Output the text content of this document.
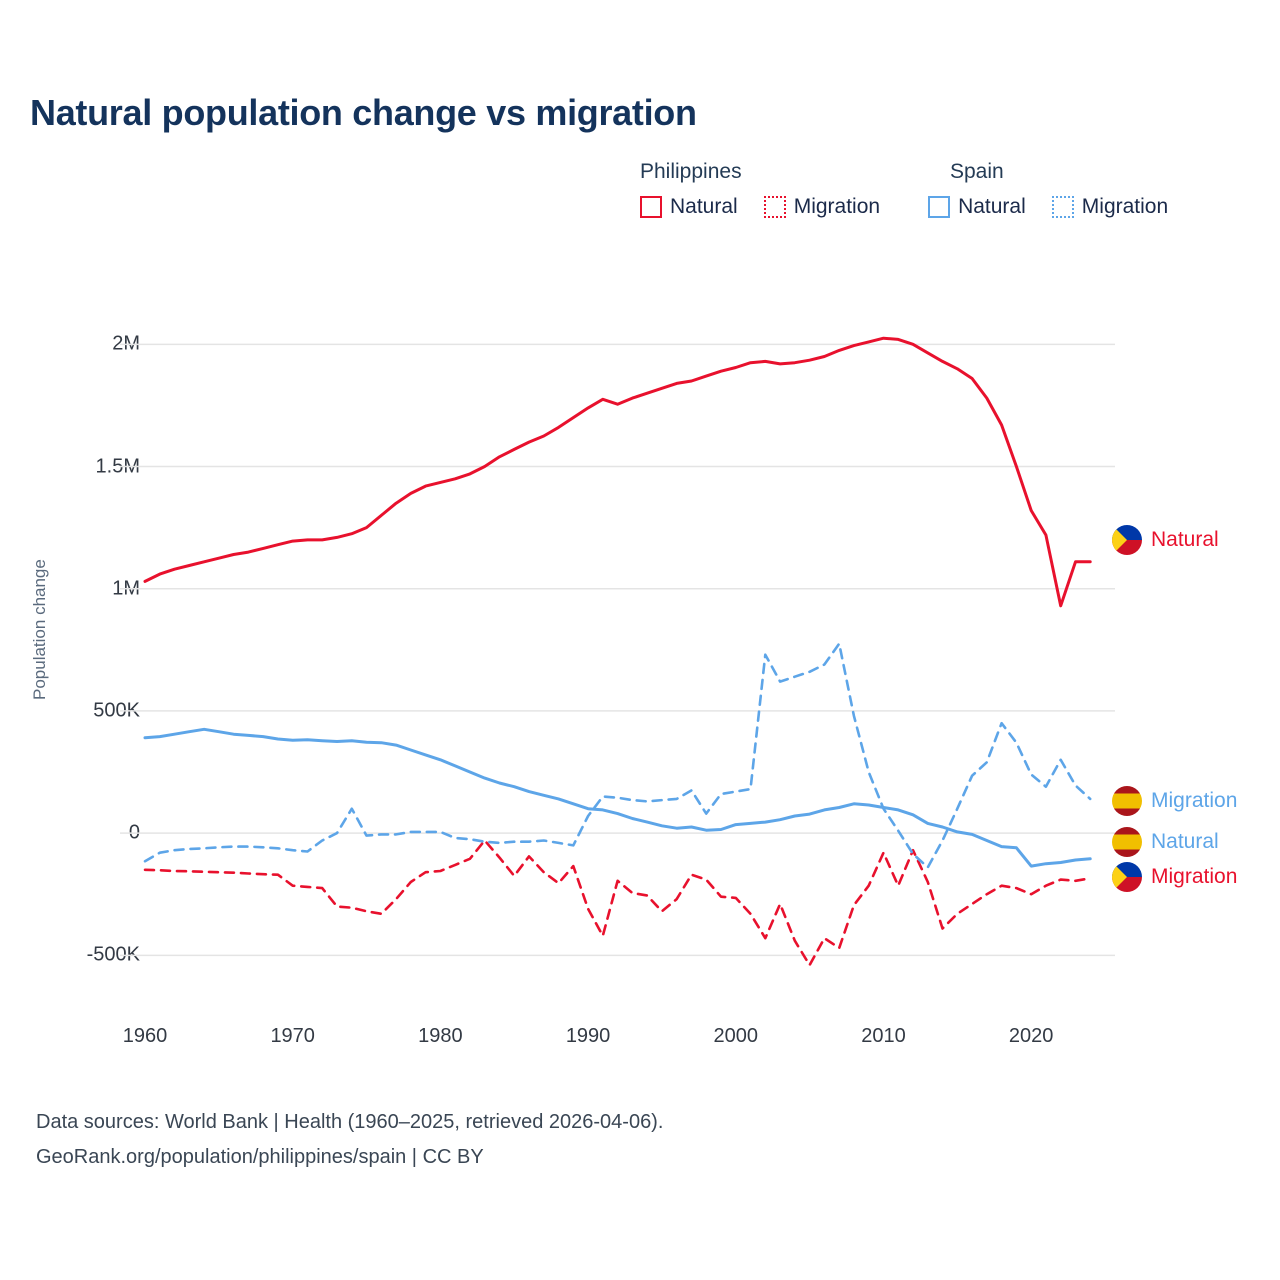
Natural population change vs migration
Philippines	Spain
Natural	Migration	Natural	Migration
Population change
2M
1.5M
1M
500K
0
-500K
1960	1970	1980	1990	2000	2010	2020
Natural
Migration
Natural
Migration
Data sources: World Bank | Health (1960–2025, retrieved 2026-04-06).
GeoRank.org/population/philippines/spain | CC BY
